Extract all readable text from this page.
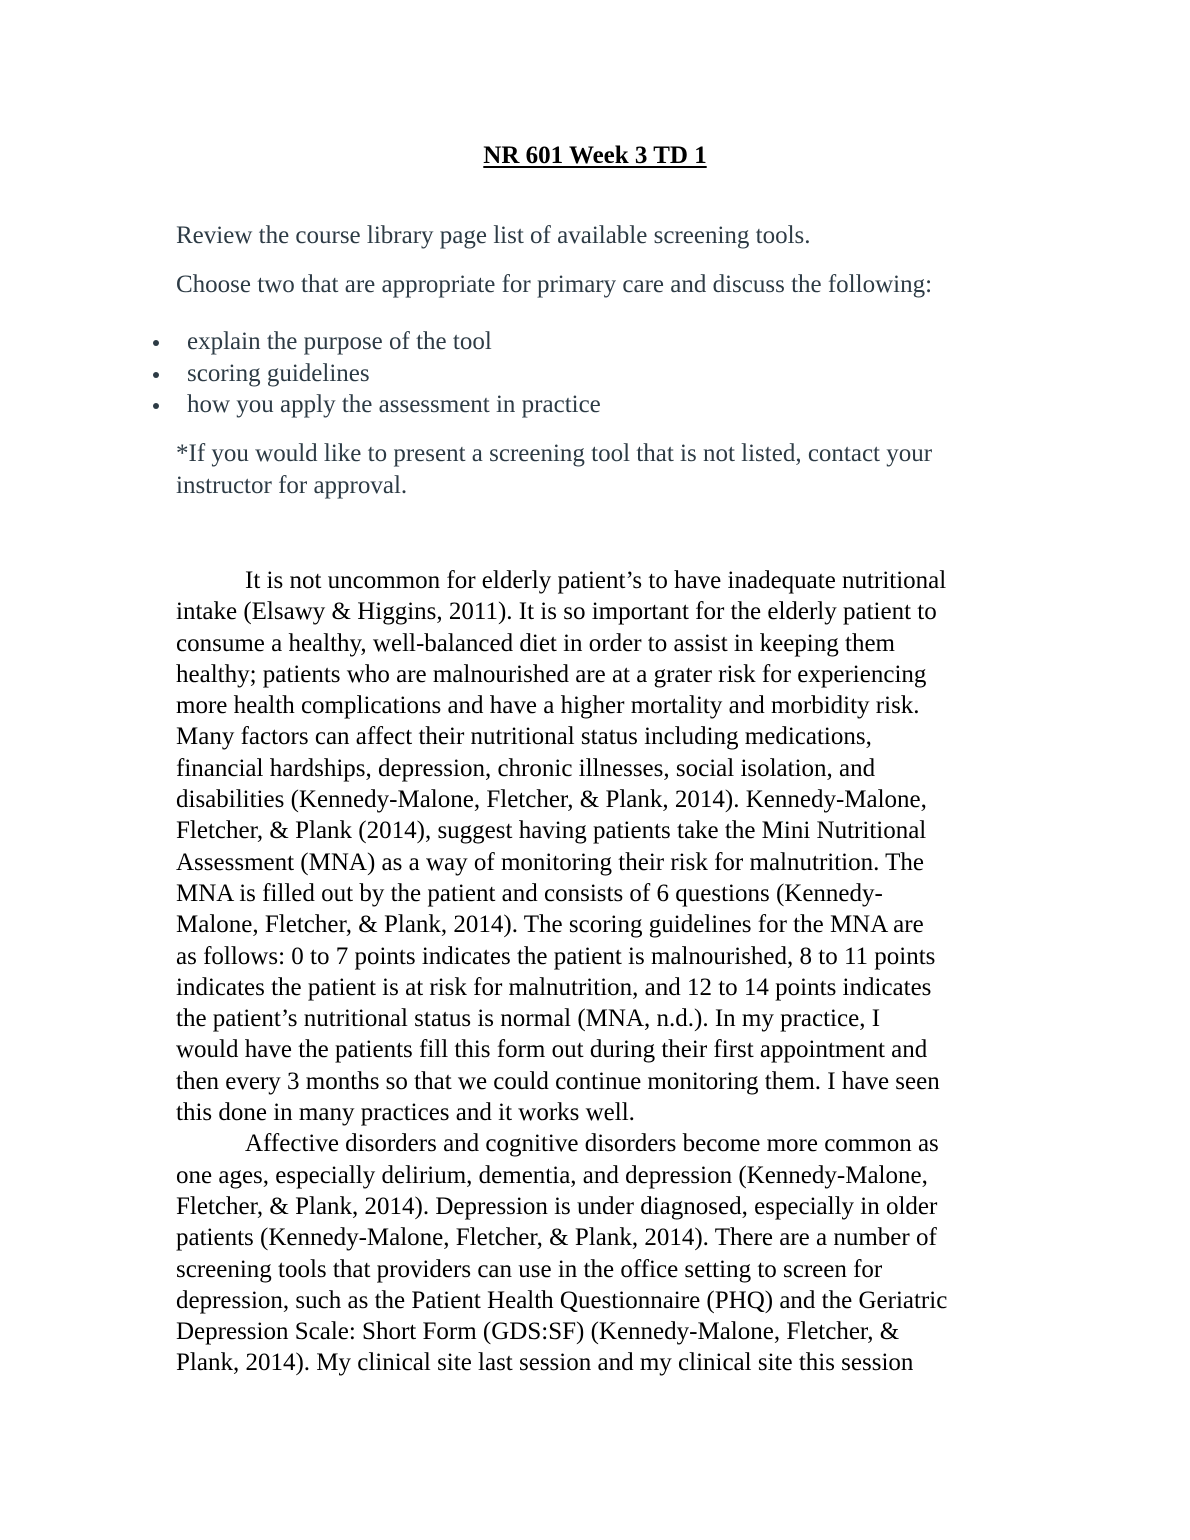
NR 601 Week 3 TD 1
Review the course library page list of available screening tools.
Choose two that are appropriate for primary care and discuss the following:
explain the purpose of the tool
scoring guidelines
how you apply the assessment in practice
*If you would like to present a screening tool that is not listed, contact your
instructor for approval.
It is not uncommon for elderly patient’s to have inadequate nutritional
intake (Elsawy & Higgins, 2011). It is so important for the elderly patient to
consume a healthy, well-balanced diet in order to assist in keeping them
healthy; patients who are malnourished are at a grater risk for experiencing
more health complications and have a higher mortality and morbidity risk.
Many factors can affect their nutritional status including medications,
financial hardships, depression, chronic illnesses, social isolation, and
disabilities (Kennedy-Malone, Fletcher, & Plank, 2014). Kennedy-Malone,
Fletcher, & Plank (2014), suggest having patients take the Mini Nutritional
Assessment (MNA) as a way of monitoring their risk for malnutrition. The
MNA is filled out by the patient and consists of 6 questions (Kennedy-
Malone, Fletcher, & Plank, 2014). The scoring guidelines for the MNA are
as follows: 0 to 7 points indicates the patient is malnourished, 8 to 11 points
indicates the patient is at risk for malnutrition, and 12 to 14 points indicates
the patient’s nutritional status is normal (MNA, n.d.). In my practice, I
would have the patients fill this form out during their first appointment and
then every 3 months so that we could continue monitoring them. I have seen
this done in many practices and it works well.
Affective disorders and cognitive disorders become more common as
one ages, especially delirium, dementia, and depression (Kennedy-Malone,
Fletcher, & Plank, 2014). Depression is under diagnosed, especially in older
patients (Kennedy-Malone, Fletcher, & Plank, 2014). There are a number of
screening tools that providers can use in the office setting to screen for
depression, such as the Patient Health Questionnaire (PHQ) and the Geriatric
Depression Scale: Short Form (GDS:SF) (Kennedy-Malone, Fletcher, &
Plank, 2014). My clinical site last session and my clinical site this session
